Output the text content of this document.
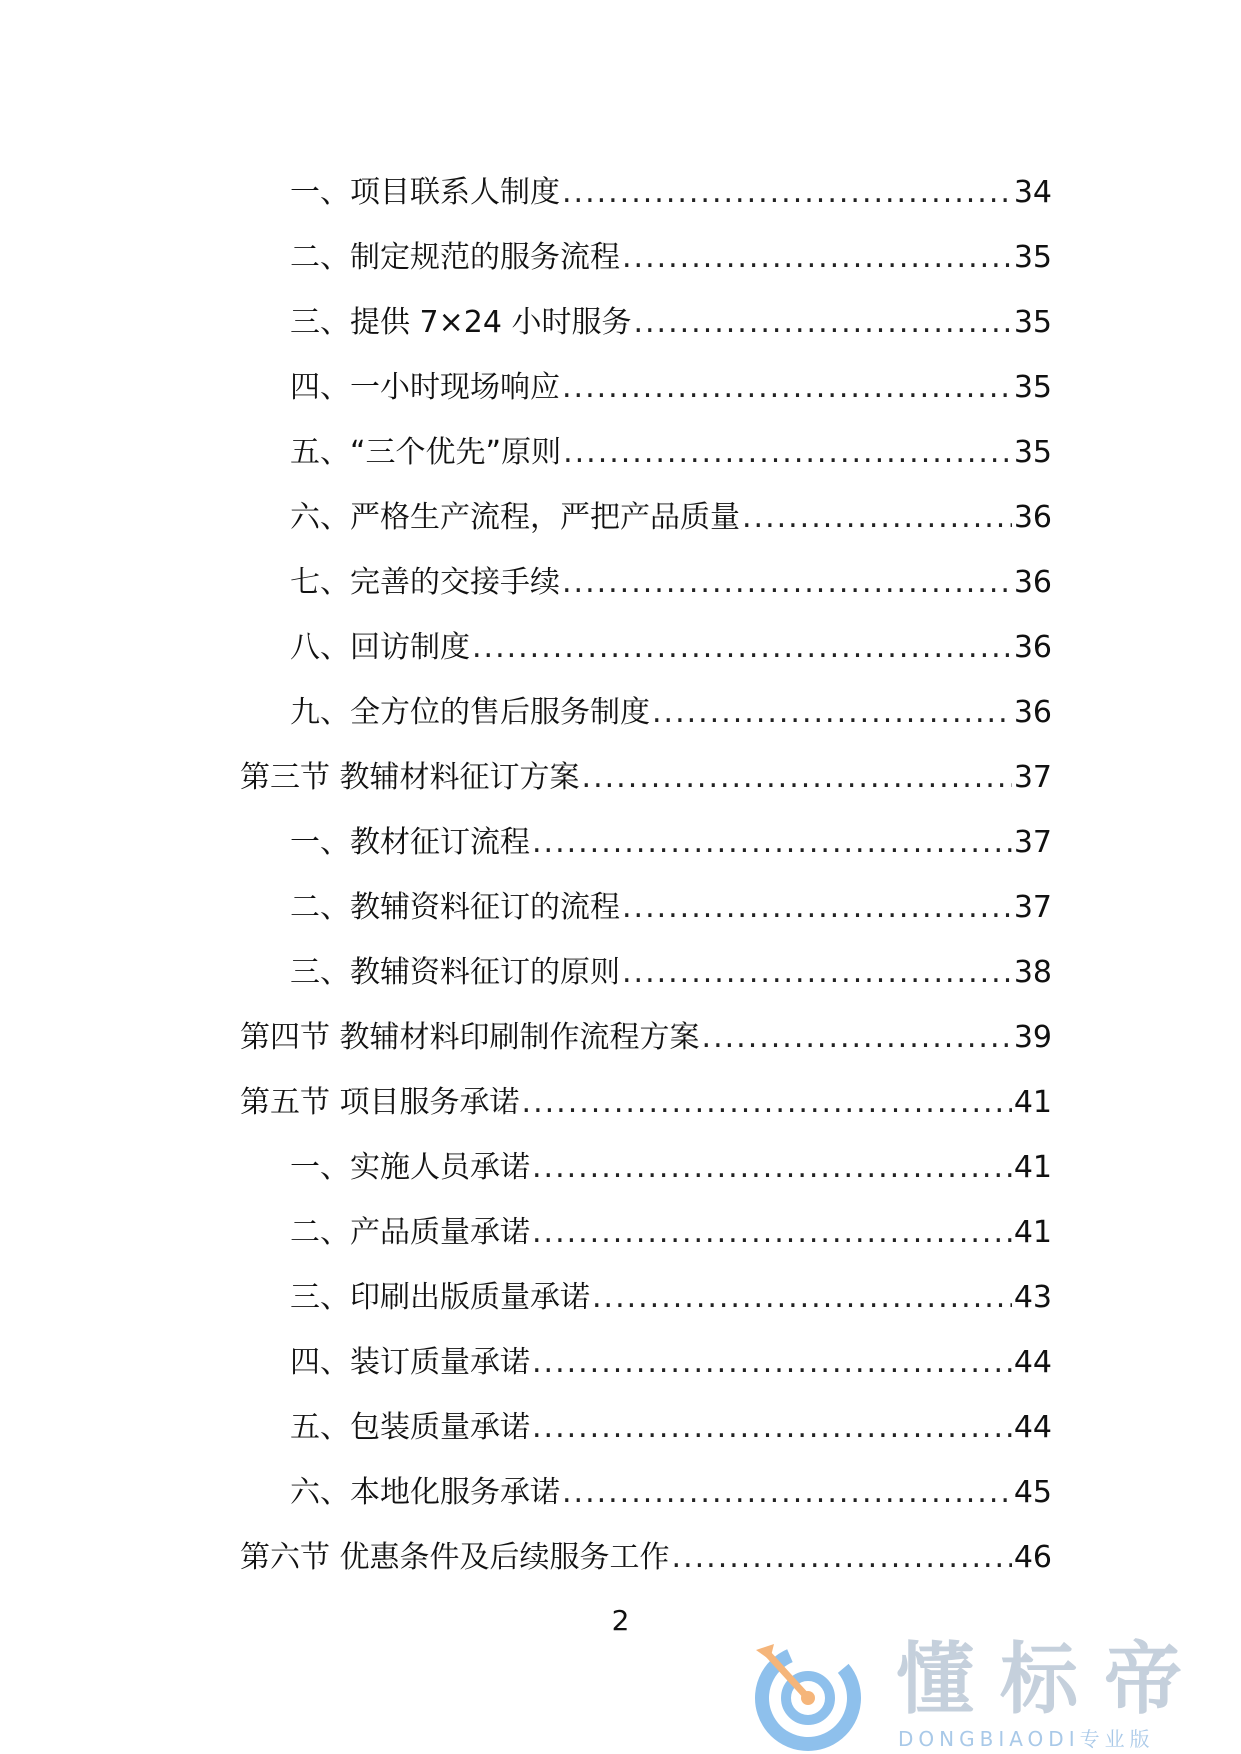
一、项目联系人制度 .....	34
二、制定规范的服务流程 .....	35
三、提供 7×24 小时服务 .....	35
四、一小时现场响应 .....	35
五、“三个优先”原则 .....	35
六、严格生产流程，严把产品质量 .....	36
七、完善的交接手续 .....	36
八、回访制度 .....	36
九、全方位的售后服务制度 .....	36
第三节 教辅材料征订方案 .....	37
一、教材征订流程 .....	37
二、教辅资料征订的流程 .....	37
三、教辅资料征订的原则 .....	38
第四节 教辅材料印刷制作流程方案 .....	39
第五节 项目服务承诺 .....	41
一、实施人员承诺 .....	41
二、产品质量承诺 .....	41
三、印刷出版质量承诺 .....	43
四、装订质量承诺 .....	44
五、包装质量承诺 .....	44
六、本地化服务承诺 .....	45
第六节 优惠条件及后续服务工作 .....	46
2
懂标帝
DONGBIAODI专业版
